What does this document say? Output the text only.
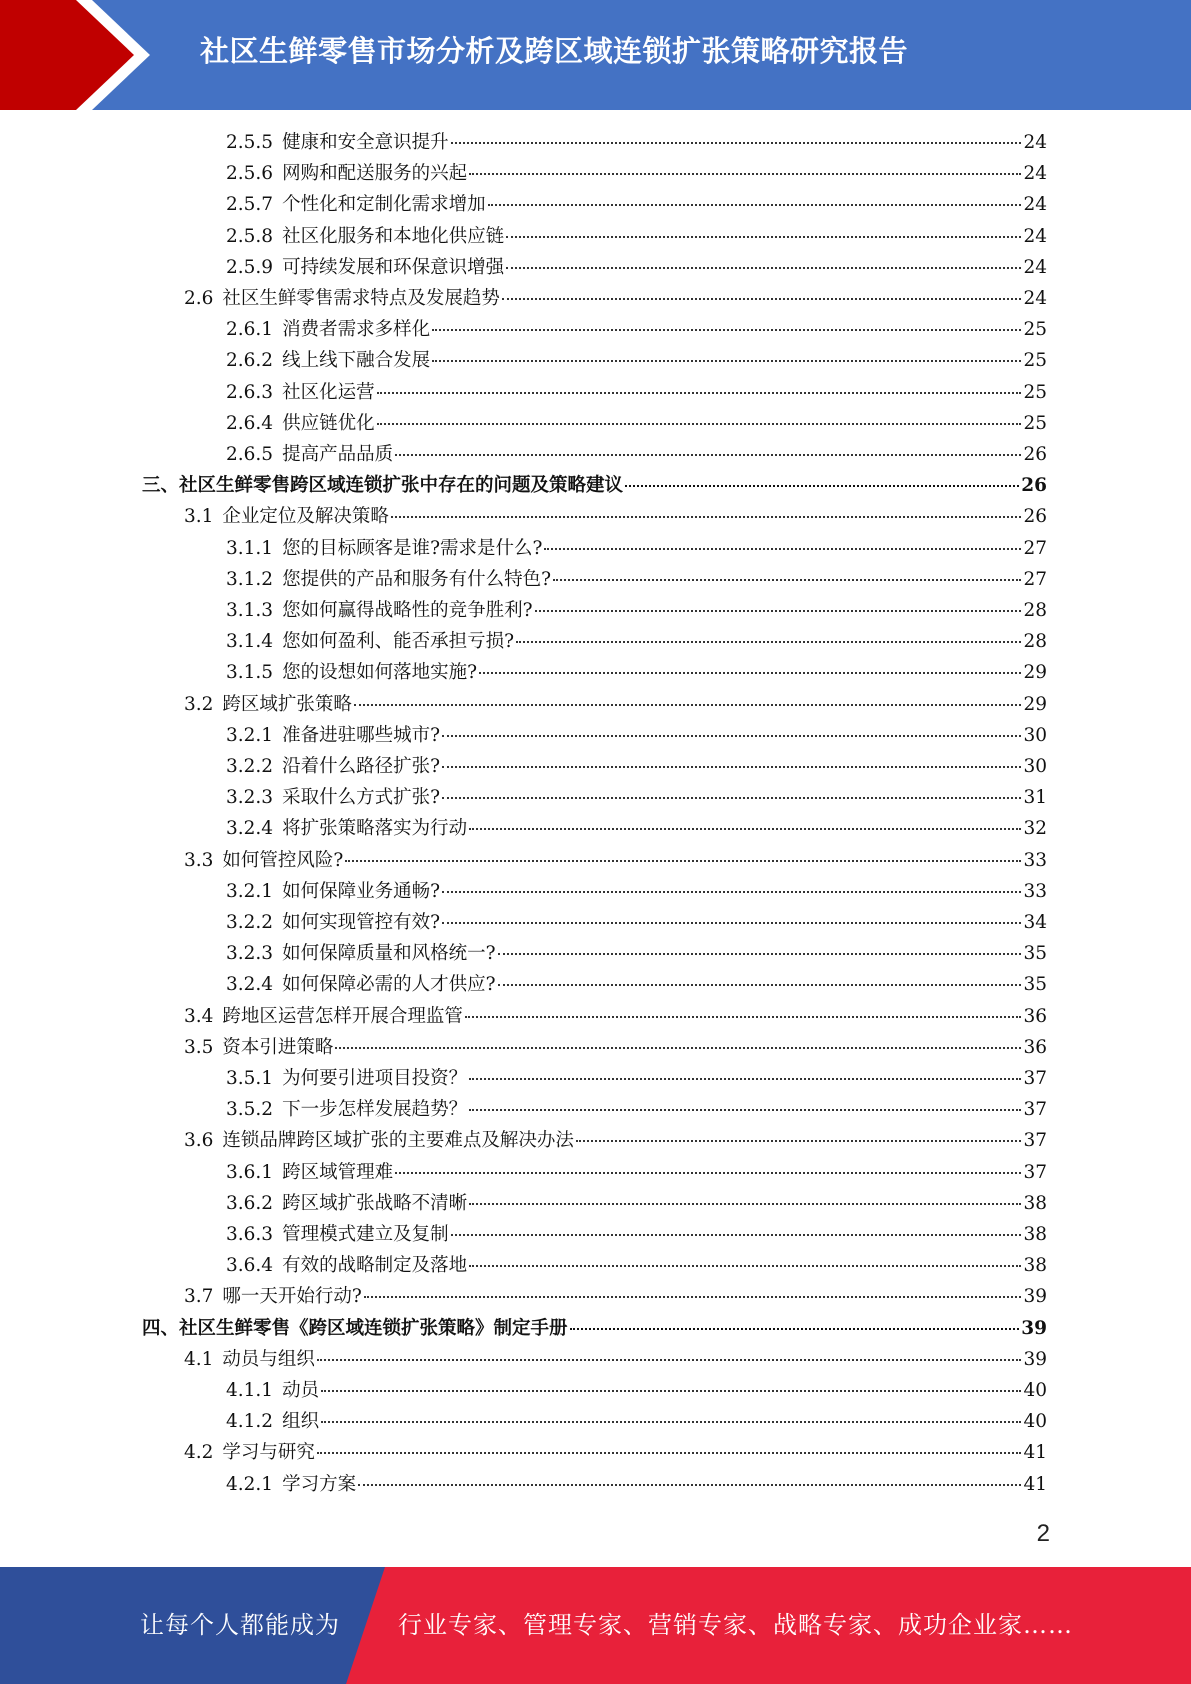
社区生鲜零售市场分析及跨区域连锁扩张策略研究报告
2.5.5 健康和安全意识提升	24
2.5.6 网购和配送服务的兴起	24
2.5.7 个性化和定制化需求增加	24
2.5.8 社区化服务和本地化供应链	24
2.5.9 可持续发展和环保意识增强	24
2.6 社区生鲜零售需求特点及发展趋势	24
2.6.1 消费者需求多样化	25
2.6.2 线上线下融合发展	25
2.6.3 社区化运营	25
2.6.4 供应链优化	25
2.6.5 提高产品品质	26
三、 社区生鲜零售跨区域连锁扩张中存在的问题及策略建议	26
3.1 企业定位及解决策略	26
3.1.1 您的目标顾客是谁?需求是什么?	27
3.1.2 您提供的产品和服务有什么特色?	27
3.1.3 您如何赢得战略性的竞争胜利?	28
3.1.4 您如何盈利、能否承担亏损?	28
3.1.5 您的设想如何落地实施?	29
3.2 跨区域扩张策略	29
3.2.1 准备进驻哪些城市?	30
3.2.2 沿着什么路径扩张?	30
3.2.3 采取什么方式扩张?	31
3.2.4 将扩张策略落实为行动	32
3.3 如何管控风险?	33
3.2.1 如何保障业务通畅?	33
3.2.2 如何实现管控有效?	34
3.2.3 如何保障质量和风格统一?	35
3.2.4 如何保障必需的人才供应?	35
3.4 跨地区运营怎样开展合理监管	36
3.5 资本引进策略	36
3.5.1 为何要引进项目投资？	37
3.5.2 下一步怎样发展趋势？	37
3.6 连锁品牌跨区域扩张的主要难点及解决办法	37
3.6.1 跨区域管理难	37
3.6.2 跨区域扩张战略不清晰	38
3.6.3 管理模式建立及复制	38
3.6.4 有效的战略制定及落地	38
3.7 哪一天开始行动?	39
四、 社区生鲜零售《跨区域连锁扩张策略》制定手册	39
4.1 动员与组织	39
4.1.1 动员	40
4.1.2 组织	40
4.2 学习与研究	41
4.2.1 学习方案	41
2
让每个人都能成为 行业专家、管理专家、营销专家、战略专家、成功企业家……
